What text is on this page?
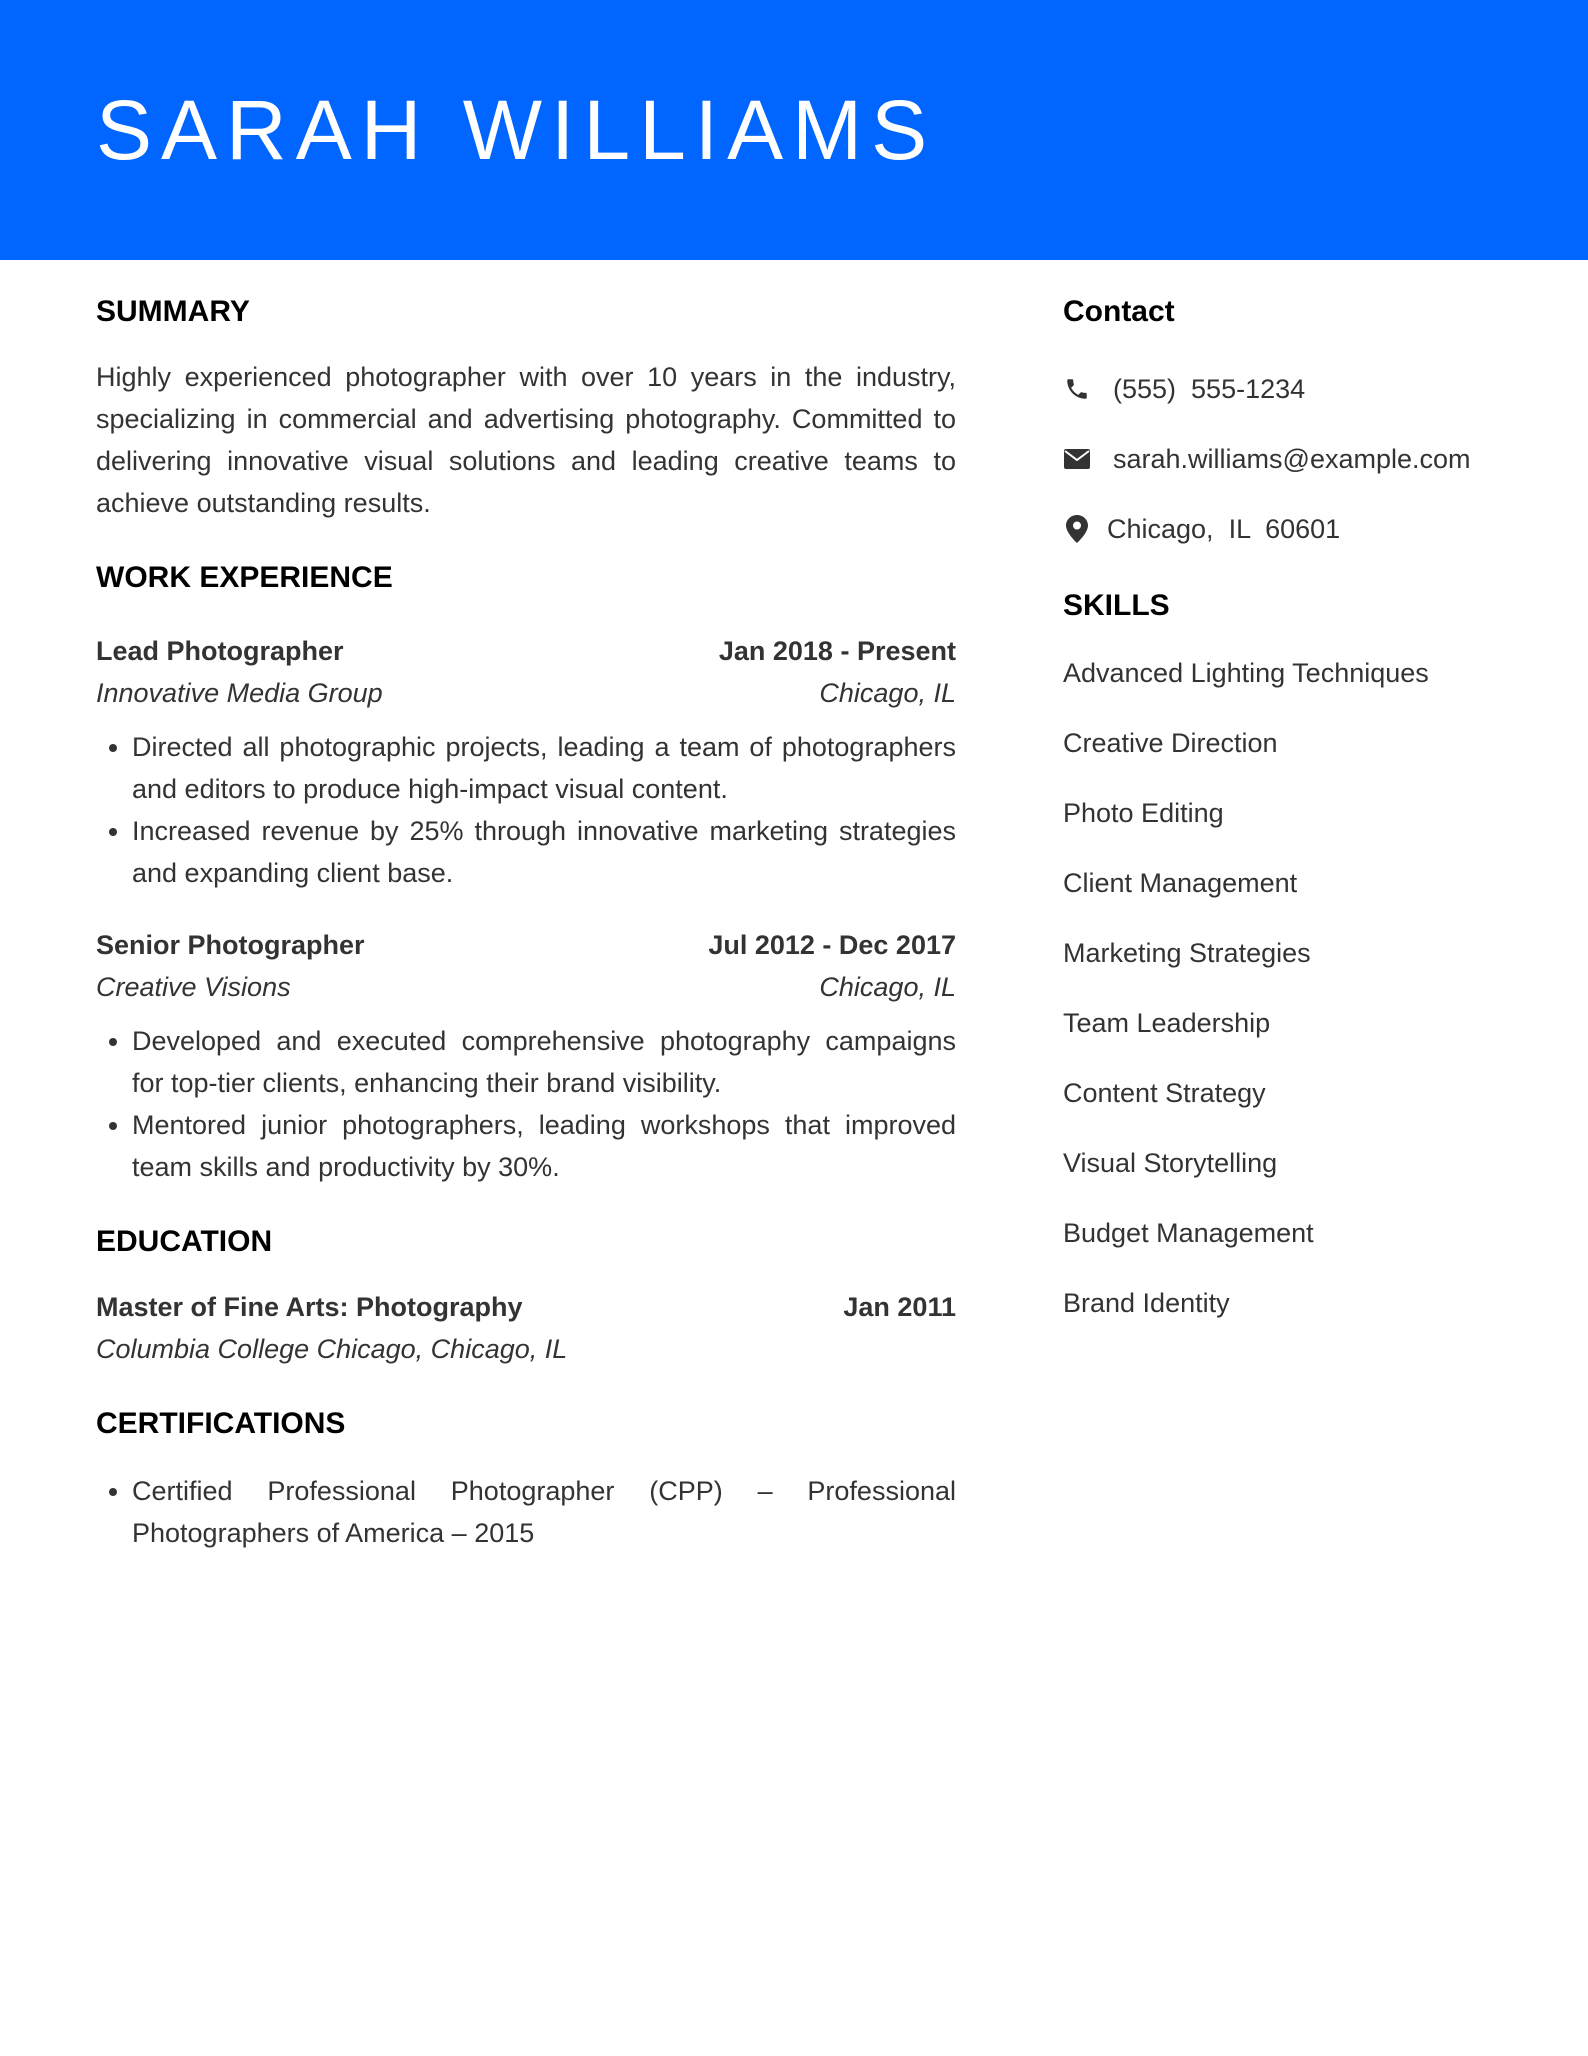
SARAH WILLIAMS
SUMMARY

Highly experienced photographer with over 10 years in the industry, specializing in commercial and advertising photography. Committed to delivering innovative visual solutions and leading creative teams to achieve outstanding results.

WORK EXPERIENCE
Lead Photographer	Jan 2018 - Present
Innovative Media Group	Chicago, IL
• Directed all photographic projects, leading a team of photographers and editors to produce high-impact visual content.
• Increased revenue by 25% through innovative marketing strategies and expanding client base.
Senior Photographer	Jul 2012 - Dec 2017
Creative Visions	Chicago, IL
• Developed and executed comprehensive photography campaigns for top-tier clients, enhancing their brand visibility.
• Mentored junior photographers, leading workshops that improved team skills and productivity by 30%.
EDUCATION
Master of Fine Arts: Photography	Jan 2011
Columbia College Chicago, Chicago, IL
CERTIFICATIONS
• Certified Professional Photographer (CPP) – Professional Photographers of America – 2015
Contact
(555)  555-1234
sarah.williams@example.com
Chicago,  IL  60601
SKILLS
Advanced Lighting Techniques
Creative Direction
Photo Editing
Client Management
Marketing Strategies
Team Leadership
Content Strategy
Visual Storytelling
Budget Management
Brand Identity
